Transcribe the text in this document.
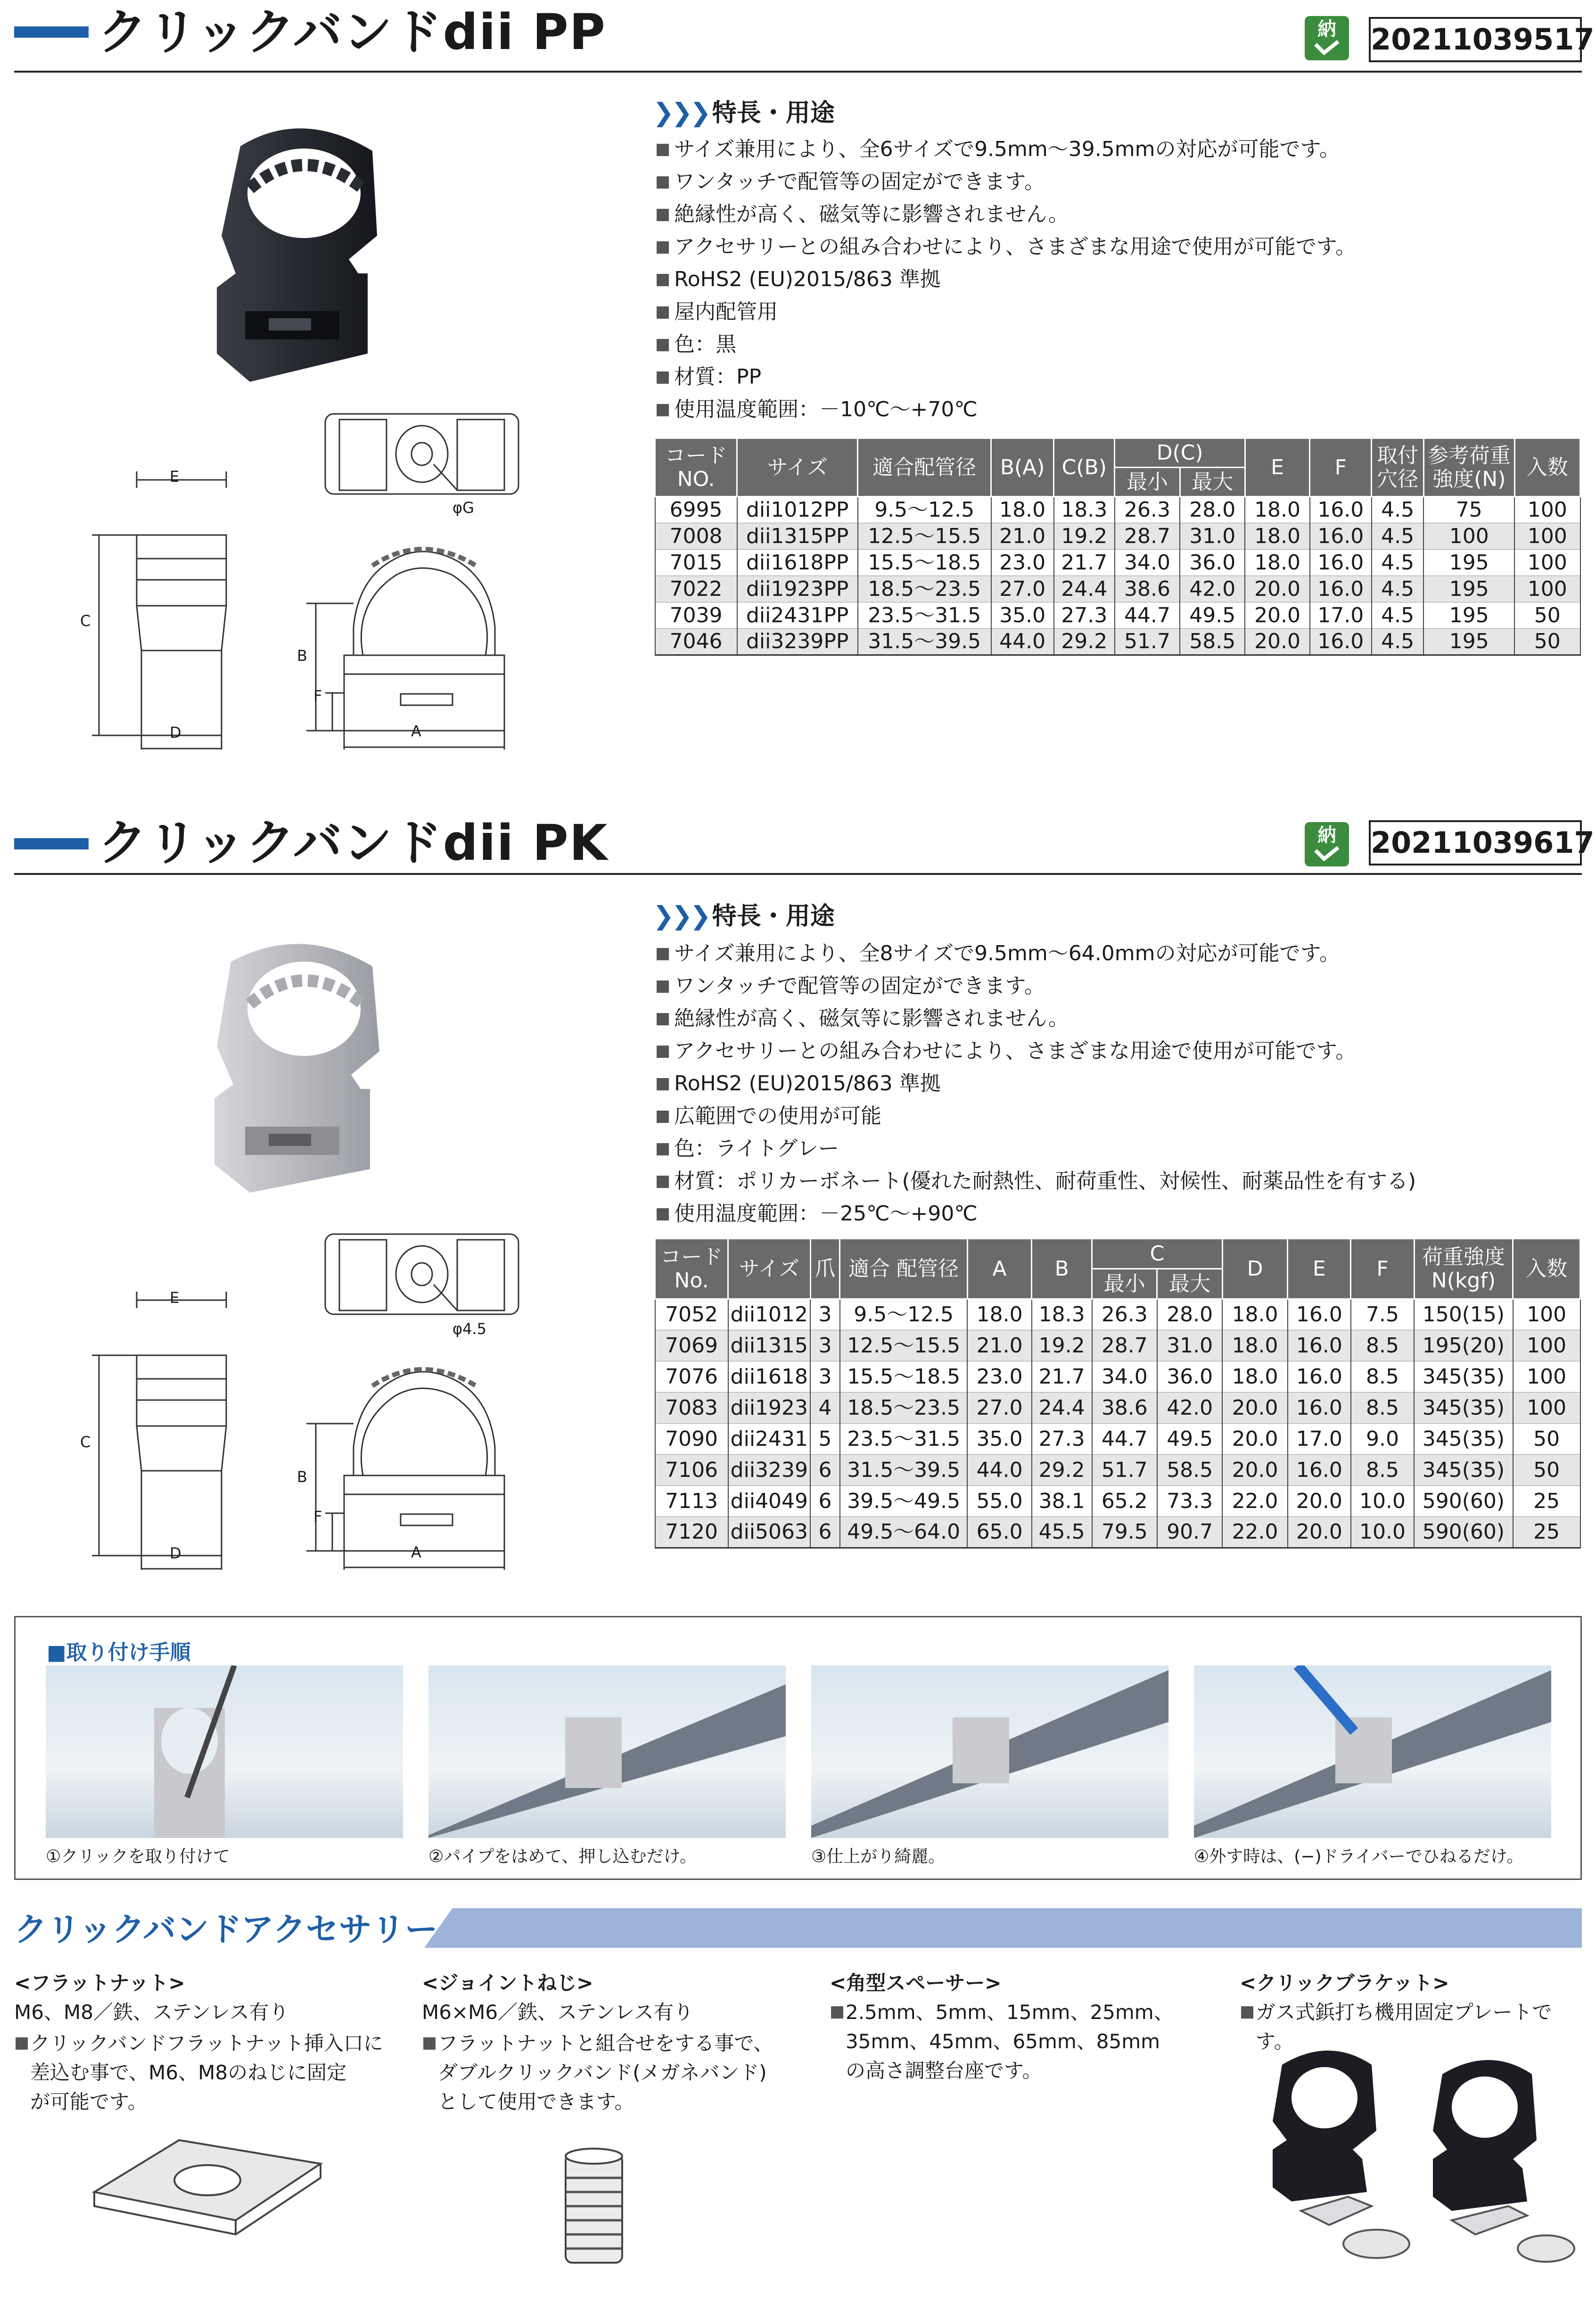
クリックバンドdii PP	納	20211039517
E
C
D
φG
B
F
A
❯❯❯ 特長・用途
■ サイズ兼用により、全6サイズで9.5mm～39.5mmの対応が可能です。
■ ワンタッチで配管等の固定ができます。
■ 絶縁性が高く、磁気等に影響されません。
■ アクセサリーとの組み合わせにより、さまざまな用途で使用が可能です。
■ RoHS2 (EU)2015/863 準拠
■ 屋内配管用
■ 色：黒
■ 材質：PP
■ 使用温度範囲：－10℃～+70℃
コード NO.	サイズ	適合配管径	B(A)	C(B)	D(C)		E	F	取付 穴径	参考荷重 強度(N)	入数
					最小	最大					
6995	dii1012PP	9.5～12.5	18.0	18.3	26.3	28.0	18.0	16.0	4.5	75	100
7008	dii1315PP	12.5～15.5	21.0	19.2	28.7	31.0	18.0	16.0	4.5	100	100
7015	dii1618PP	15.5～18.5	23.0	21.7	34.0	36.0	18.0	16.0	4.5	195	100
7022	dii1923PP	18.5～23.5	27.0	24.4	38.6	42.0	20.0	16.0	4.5	195	100
7039	dii2431PP	23.5～31.5	35.0	27.3	44.7	49.5	20.0	17.0	4.5	195	50
7046	dii3239PP	31.5～39.5	44.0	29.2	51.7	58.5	20.0	16.0	4.5	195	50
クリックバンドdii PK	納	20211039617
E
C
D
φ4.5
B
F
A
❯❯❯ 特長・用途
■ サイズ兼用により、全8サイズで9.5mm～64.0mmの対応が可能です。
■ ワンタッチで配管等の固定ができます。
■ 絶縁性が高く、磁気等に影響されません。
■ アクセサリーとの組み合わせにより、さまざまな用途で使用が可能です。
■ RoHS2 (EU)2015/863 準拠
■ 広範囲での使用が可能
■ 色：ライトグレー
■ 材質：ポリカーボネート(優れた耐熱性、耐荷重性、対候性、耐薬品性を有する)
■ 使用温度範囲：－25℃～+90℃
コード No.	サイズ	爪	適合 配管径	A	B	C		D	E	F	荷重強度 N(kgf)	入数
						最小	最大					
7052	dii1012	3	9.5～12.5	18.0	18.3	26.3	28.0	18.0	16.0	7.5	150(15)	100
7069	dii1315	3	12.5～15.5	21.0	19.2	28.7	31.0	18.0	16.0	8.5	195(20)	100
7076	dii1618	3	15.5～18.5	23.0	21.7	34.0	36.0	18.0	16.0	8.5	345(35)	100
7083	dii1923	4	18.5～23.5	27.0	24.4	38.6	42.0	20.0	16.0	8.5	345(35)	100
7090	dii2431	5	23.5～31.5	35.0	27.3	44.7	49.5	20.0	17.0	9.0	345(35)	50
7106	dii3239	6	31.5～39.5	44.0	29.2	51.7	58.5	20.0	16.0	8.5	345(35)	50
7113	dii4049	6	39.5～49.5	55.0	38.1	65.2	73.3	22.0	20.0	10.0	590(60)	25
7120	dii5063	6	49.5～64.0	65.0	45.5	79.5	90.7	22.0	20.0	10.0	590(60)	25
■取り付け手順
①クリックを取り付けて	②パイプをはめて、押し込むだけ。	③仕上がり綺麗。	④外す時は、(−)ドライバーでひねるだけ。
クリックバンドアクセサリー
<フラットナット>
M6、M8／鉄、ステンレス有り
■ クリックバンドフラットナット挿入口に
差込む事で、M6、M8のねじに固定
が可能です。
<ジョイントねじ>
M6×M6／鉄、ステンレス有り
■ フラットナットと組合せをする事で、
ダブルクリックバンド(メガネバンド)
として使用できます。
<角型スペーサー>
■ 2.5mm、5mm、15mm、25mm、
35mm、45mm、65mm、85mm
の高さ調整台座です。
<クリックブラケット>
■ ガス式鋲打ち機用固定プレートです。
